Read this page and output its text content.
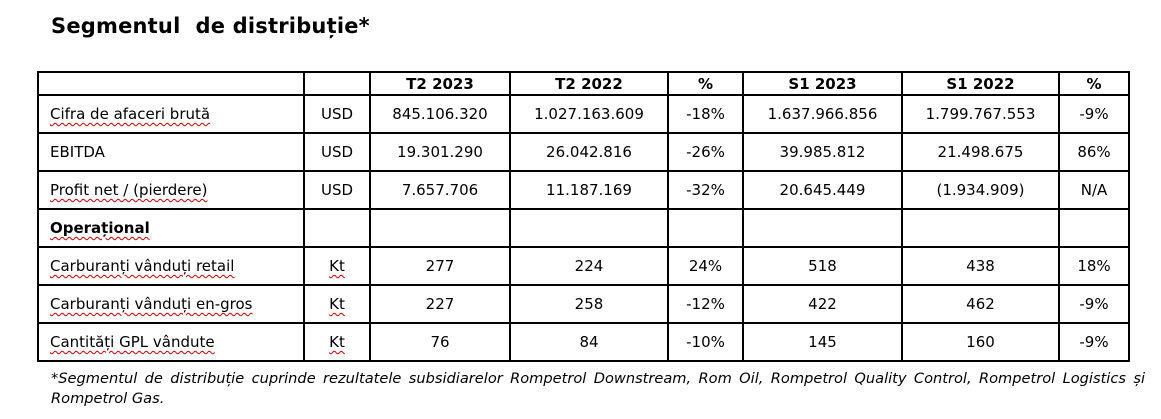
Segmentul  de distribuție*
		T2 2023	T2 2022	%	S1 2023	S1 2022	%
Cifra de afaceri brută	USD	845.106.320	1.027.163.609	-18%	1.637.966.856	1.799.767.553	-9%
EBITDA	USD	19.301.290	26.042.816	-26%	39.985.812	21.498.675	86%
Profit net / (pierdere)	USD	7.657.706	11.187.169	-32%	20.645.449	(1.934.909)	N/A
Operațional							
Carburanți vânduți retail	Kt	277	224	24%	518	438	18%
Carburanți vânduți en-gros	Kt	227	258	-12%	422	462	-9%
Cantități GPL vândute	Kt	76	84	-10%	145	160	-9%
*Segmentul de distribuție cuprinde rezultatele subsidiarelor Rompetrol Downstream, Rom Oil, Rompetrol Quality Control, Rompetrol Logistics și Rompetrol Gas.
